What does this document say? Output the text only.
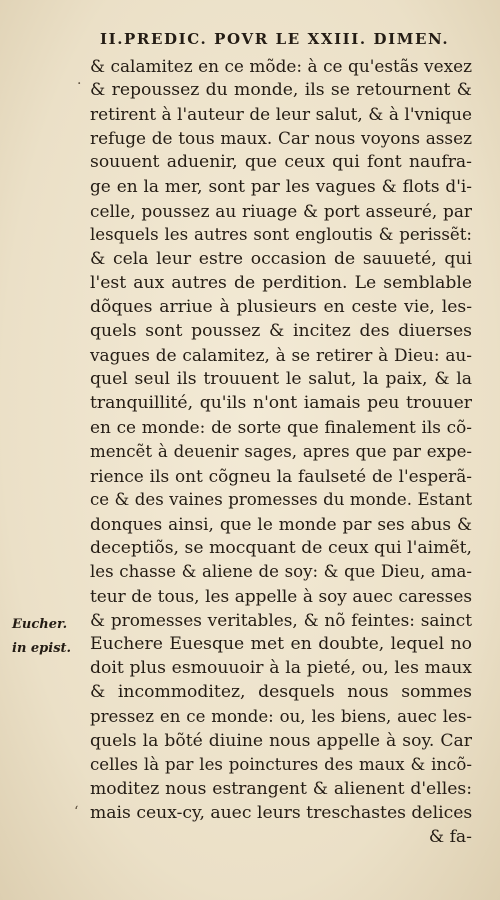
II.PREDIC. POVR LE XXIII. DIMEN.
·
ʻ
Eucher.
in epist.
& calamitez en ce mõde: à ce qu'estãs vexez
& repoussez du monde, ils se retournent &
retirent à l'auteur de leur salut, & à l'vnique
refuge de tous maux. Car nous voyons assez
souuent aduenir, que ceux qui font naufra-
ge en la mer, sont par les vagues & flots d'i-
celle, poussez au riuage & port asseuré, par
lesquels les autres sont engloutis & perissẽt:
& cela leur estre occasion de sauueté, qui
l'est aux autres de perdition. Le semblable
dõques arriue à plusieurs en ceste vie, les-
quels sont poussez & incitez des diuerses
vagues de calamitez, à se retirer à Dieu: au-
quel seul ils trouuent le salut, la paix, & la
tranquillité, qu'ils n'ont iamais peu trouuer
en ce monde: de sorte que finalement ils cõ-
mencẽt à deuenir sages, apres que par expe-
rience ils ont cõgneu la faulseté de l'esperã-
ce & des vaines promesses du monde. Estant
donques ainsi, que le monde par ses abus &
deceptiõs, se mocquant de ceux qui l'aimẽt,
les chasse & aliene de soy: & que Dieu, ama-
teur de tous, les appelle à soy auec caresses
& promesses veritables, & nõ feintes: sainct
Euchere Euesque met en doubte, lequel no
doit plus esmouuoir à la pieté, ou, les maux
& incommoditez, desquels nous sommes
pressez en ce monde: ou, les biens, auec les-
quels la bõté diuine nous appelle à soy. Car
celles là par les poinctures des maux & incõ-
moditez nous estrangent & alienent d'elles:
mais ceux-cy, auec leurs treschastes delices
& fa-
